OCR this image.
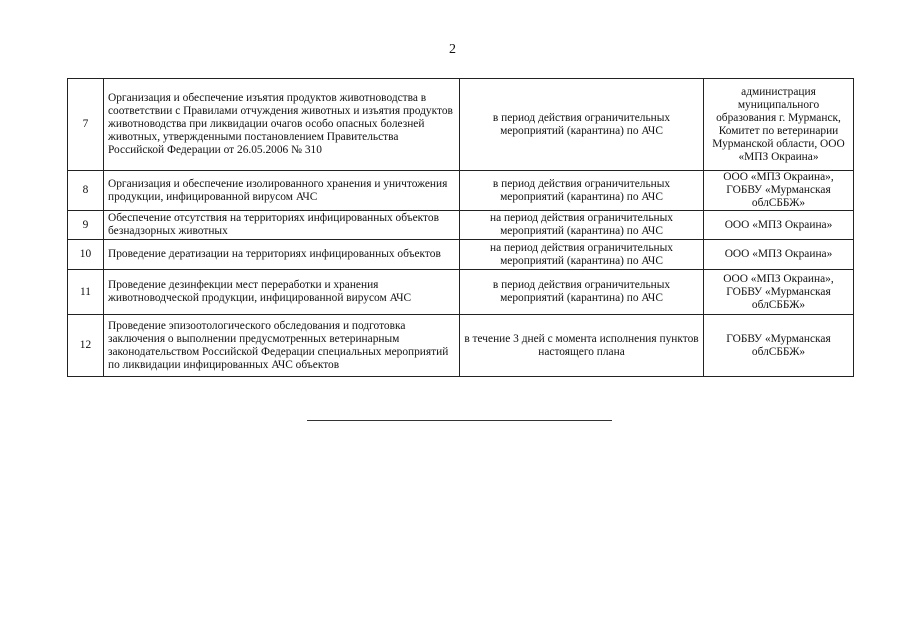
2
7	Организация и обеспечение изъятия продуктов животноводства в соответствии с Правилами отчуждения животных и изъятия продуктов животноводства при ликвидации очагов особо опасных болезней животных, утвержденными постановлением Правительства Российской Федерации от 26.05.2006 № 310	в период действия ограничительных мероприятий (карантина) по АЧС	администрация муниципального образования г. Мурманск, Комитет по ветеринарии Мурманской области, ООО «МПЗ Окраина»
8	Организация и обеспечение изолированного хранения и уничтожения продукции, инфицированной вирусом АЧС	в период действия ограничительных мероприятий (карантина) по АЧС	ООО «МПЗ Окраина», ГОБВУ «Мурманская облСББЖ»
9	Обеспечение отсутствия на территориях инфицированных объектов безнадзорных животных	на период действия ограничительных мероприятий (карантина) по АЧС	ООО «МПЗ Окраина»
10	Проведение дератизации на территориях инфицированных объектов	на период действия ограничительных мероприятий (карантина) по АЧС	ООО «МПЗ Окраина»
11	Проведение дезинфекции мест переработки и хранения животноводческой продукции, инфицированной вирусом АЧС	в период действия ограничительных мероприятий (карантина) по АЧС	ООО «МПЗ Окраина», ГОБВУ «Мурманская облСББЖ»
12	Проведение эпизоотологического обследования и подготовка заключения о выполнении предусмотренных ветеринарным законодательством Российской Федерации специальных мероприятий по ликвидации инфицированных АЧС объектов	в течение 3 дней с момента исполнения пунктов настоящего плана	ГОБВУ «Мурманская облСББЖ»
